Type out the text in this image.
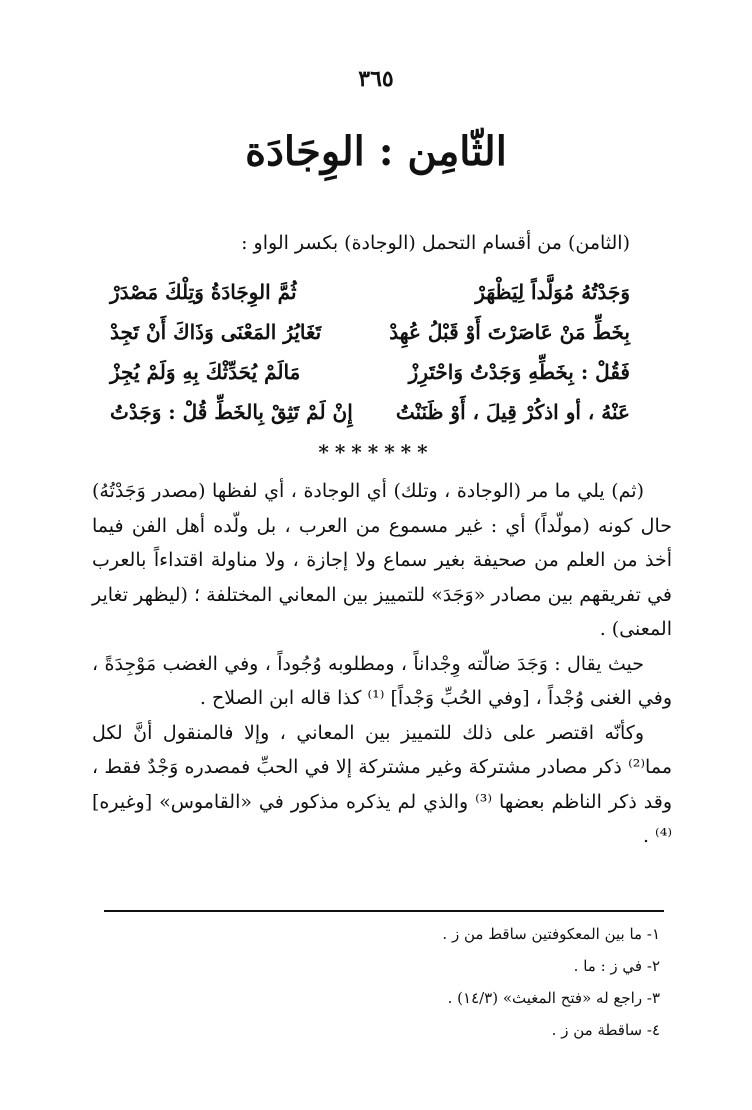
٣٦٥
الثّامِن : الوِجَادَة
(الثامن) من أقسام التحمل (الوجادة) بكسر الواو :
ثُمَّ الوِجَادَةُ وَتِلْكَ مَصْدَرْ	وَجَدْتُهُ مُوَلَّداً لِيَظْهَرْ
تَغَايُرُ المَعْنَى وَذَاكَ أَنْ تَجِدْ	بِخَطِّ مَنْ عَاصَرْتَ أَوْ قَبْلُ عُهِدْ
مَالَمْ يُحَدِّثْكَ بِهِ وَلَمْ يُجِزْ	فَقُلْ : بِخَطِّهِ وَجَدْتُ وَاحْتَرِزْ
إِنْ لَمْ تَثِقْ بِالخَطِّ قُلْ : وَجَدْتُ عَنْهُ ، أو اذكُرْ قِيلَ ، أَوْ ظَنَنْتُ
*******

(ثم) يلي ما مر (الوجادة ، وتلك) أي الوجادة ، أي لفظها (مصدر وَجَدْتُهُ) حال كونه (مولّداً) أي : غير مسموع من العرب ، بل ولّده أهل الفن فيما أخذ من العلم من صحيفة بغير سماع ولا إجازة ، ولا مناولة اقتداءاً بالعرب في تفريقهم بين مصادر «وَجَدَ» للتمييز بين المعاني المختلفة ؛ (ليظهر تغاير المعنى) .

حيث يقال : وَجَدَ ضالّته وِجْداناً ، ومطلوبه وُجُوداً ، وفي الغضب مَوْجِدَةً ، وفي الغنى وُجْداً ، [وفي الحُبِّ وَجْداً] ⁽¹⁾ كذا قاله ابن الصلاح .

وكأنّه اقتصر على ذلك للتمييز بين المعاني ، وإلا فالمنقول أنَّ لكل مما⁽²⁾ ذكر مصادر مشتركة وغير مشتركة إلا في الحبِّ فمصدره وَجْدٌ فقط ، وقد ذكر الناظم بعضها ⁽³⁾ والذي لم يذكره مذكور في «القاموس» [وغيره] ⁽⁴⁾ .

١- ما بين المعكوفتين ساقط من ز .
٢- في ز : ما .
٣- راجع له «فتح المغيث» (١٤/٣) .
٤- ساقطة من ز .
